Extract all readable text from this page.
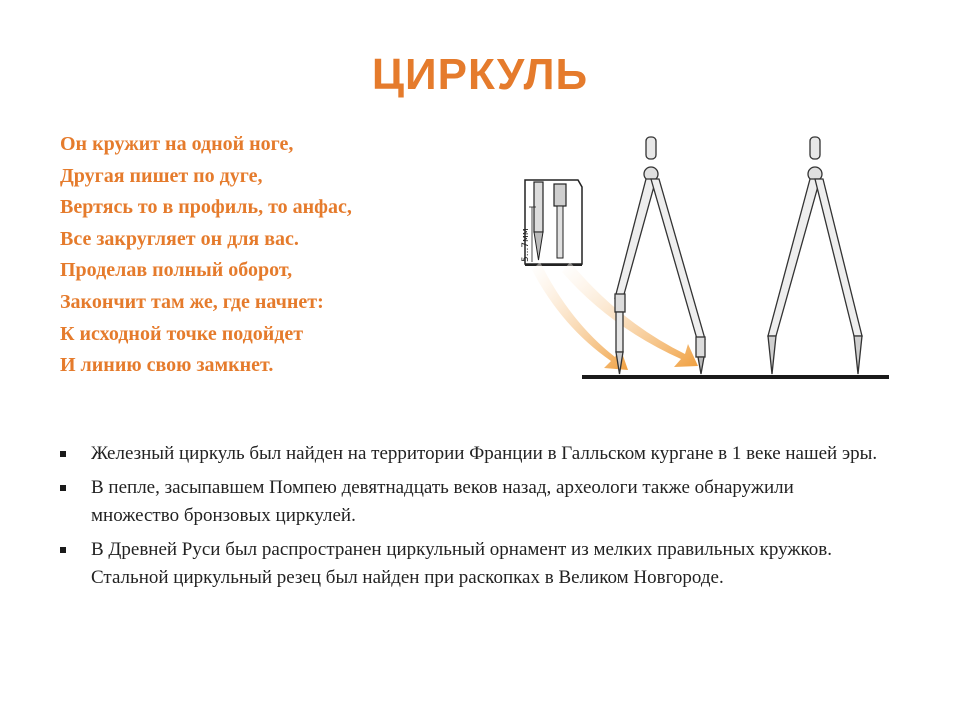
ЦИРКУЛЬ
Он кружит на одной ноге,
Другая пишет по дуге,
Вертясь то в профиль, то анфас,
Все закругляет он для вас.
Проделав полный оборот,
Закончит там же, где начнет:
К исходной точке подойдет
И линию свою замкнет.
5...7мм
Железный циркуль был найден на территории Франции в Галльском кургане в 1 веке нашей эры.
В пепле, засыпавшем Помпею девятнадцать веков назад, археологи также обнаружили множество бронзовых циркулей.
В Древней Руси был распространен циркульный орнамент из мелких правильных кружков. Стальной циркульный резец был найден при раскопках в Великом Новгороде.
